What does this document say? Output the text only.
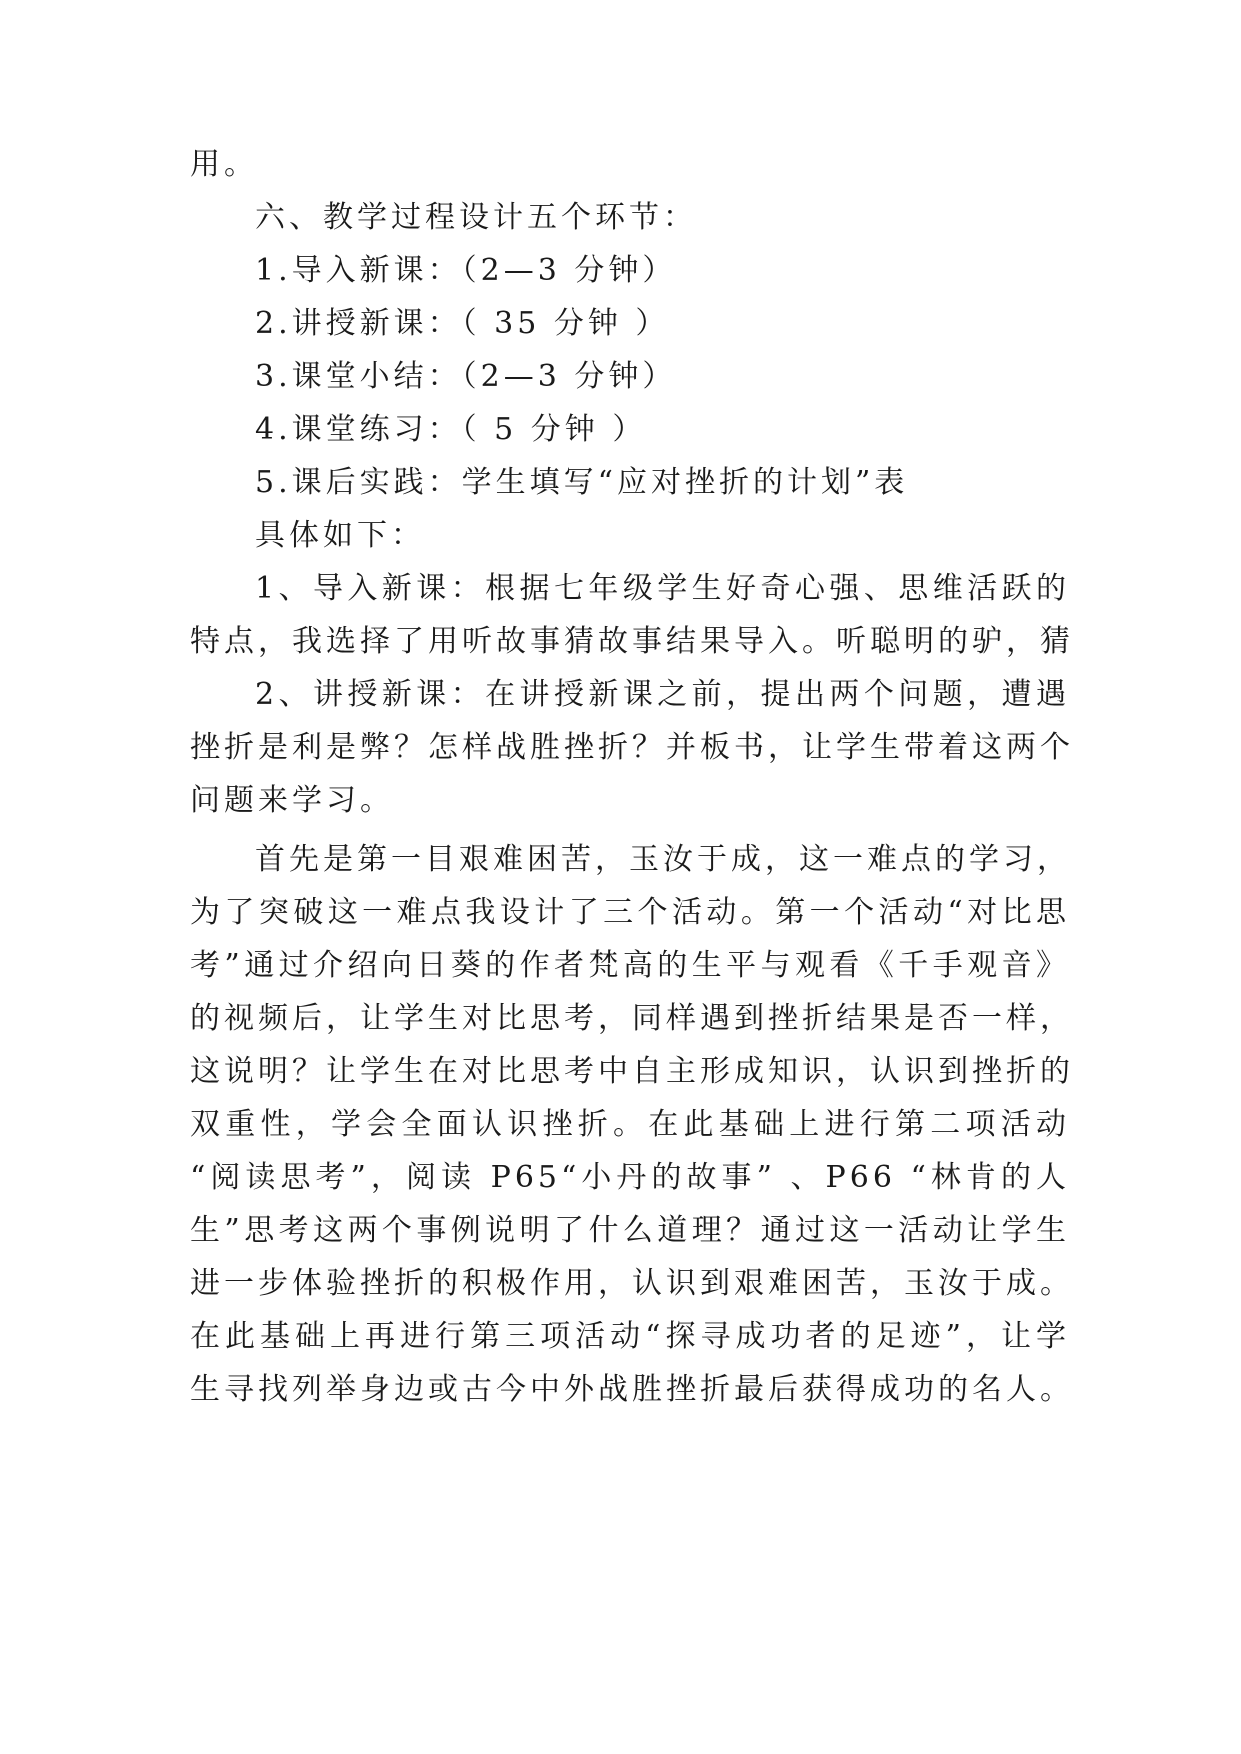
用。
六、教学过程设计五个环节：
1.导入新课：（2—3 分钟）
2.讲授新课：（ 35 分钟 ）
3.课堂小结：（2—3 分钟）
4.课堂练习：（ 5 分钟 ）
5.课后实践：学生填写“应对挫折的计划”表
具体如下：
1、导入新课：根据七年级学生好奇心强、思维活跃的
特点，我选择了用听故事猜故事结果导入。听聪明的驴，猜
2、讲授新课：在讲授新课之前，提出两个问题，遭遇
挫折是利是弊？怎样战胜挫折？并板书，让学生带着这两个
问题来学习。
首先是第一目艰难困苦，玉汝于成，这一难点的学习，
为了突破这一难点我设计了三个活动。第一个活动“对比思
考”通过介绍向日葵的作者梵高的生平与观看《千手观音》
的视频后，让学生对比思考，同样遇到挫折结果是否一样，
这说明？让学生在对比思考中自主形成知识，认识到挫折的
双重性，学会全面认识挫折。在此基础上进行第二项活动
“阅读思考”，阅读 P65“小丹的故事” 、P66 “林肯的人
生”思考这两个事例说明了什么道理？通过这一活动让学生
进一步体验挫折的积极作用，认识到艰难困苦，玉汝于成。
在此基础上再进行第三项活动“探寻成功者的足迹”，让学
生寻找列举身边或古今中外战胜挫折最后获得成功的名人。
